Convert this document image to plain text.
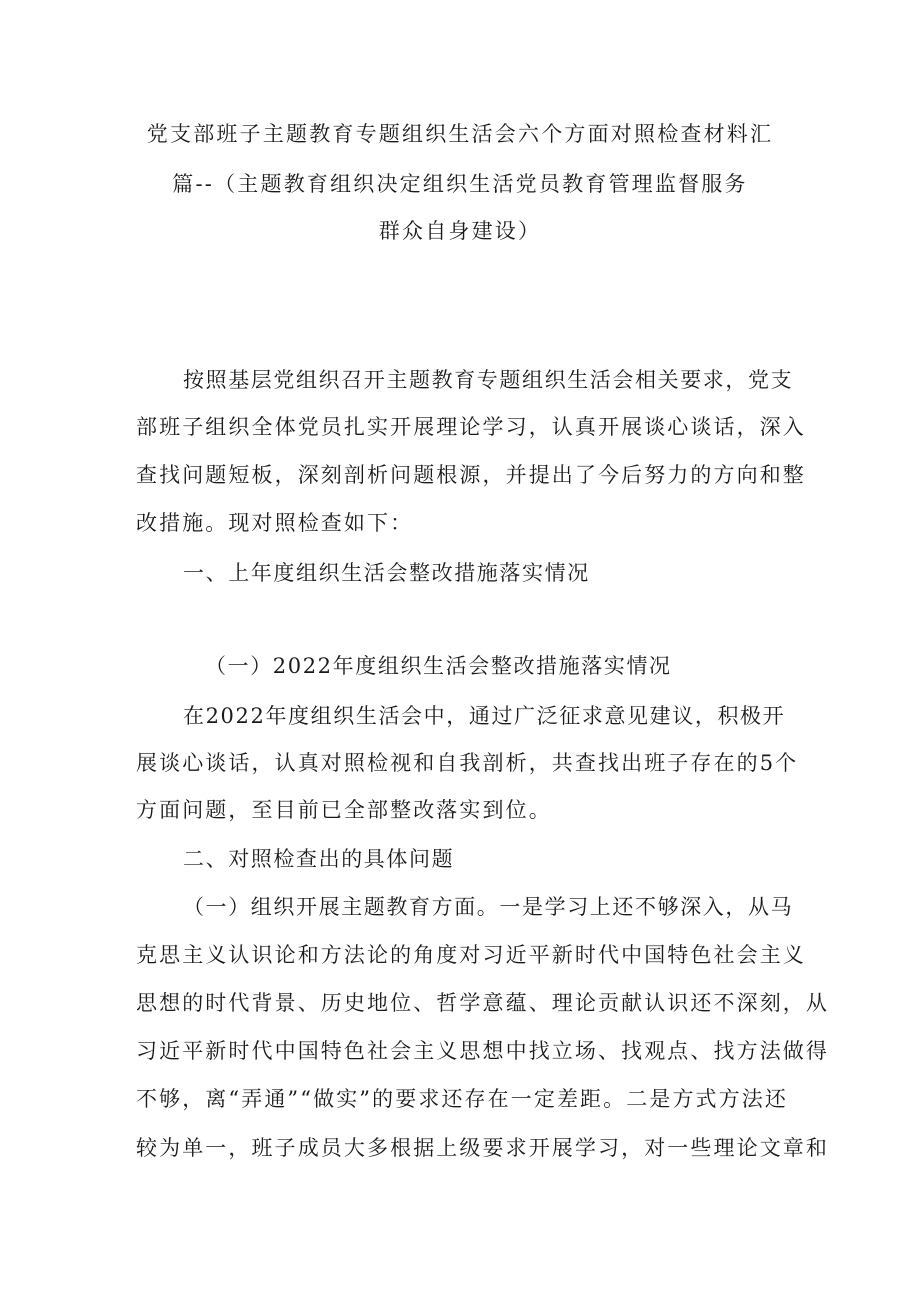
党支部班子主题教育专题组织生活会六个方面对照检查材料汇
篇--（主题教育组织决定组织生活党员教育管理监督服务
群众自身建设）
按照基层党组织召开主题教育专题组织生活会相关要求，党支
部班子组织全体党员扎实开展理论学习，认真开展谈心谈话，深入
查找问题短板，深刻剖析问题根源，并提出了今后努力的方向和整
改措施。现对照检查如下：
一、上年度组织生活会整改措施落实情况
（一）2022年度组织生活会整改措施落实情况
在2022年度组织生活会中，通过广泛征求意见建议，积极开
展谈心谈话，认真对照检视和自我剖析，共查找出班子存在的5个
方面问题，至目前已全部整改落实到位。
二、对照检查出的具体问题
（一）组织开展主题教育方面。一是学习上还不够深入，从马
克思主义认识论和方法论的角度对习近平新时代中国特色社会主义
思想的时代背景、历史地位、哲学意蕴、理论贡献认识还不深刻，从
习近平新时代中国特色社会主义思想中找立场、找观点、找方法做得
不够，离“弄通”“做实”的要求还存在一定差距。二是方式方法还
较为单一，班子成员大多根据上级要求开展学习，对一些理论文章和
